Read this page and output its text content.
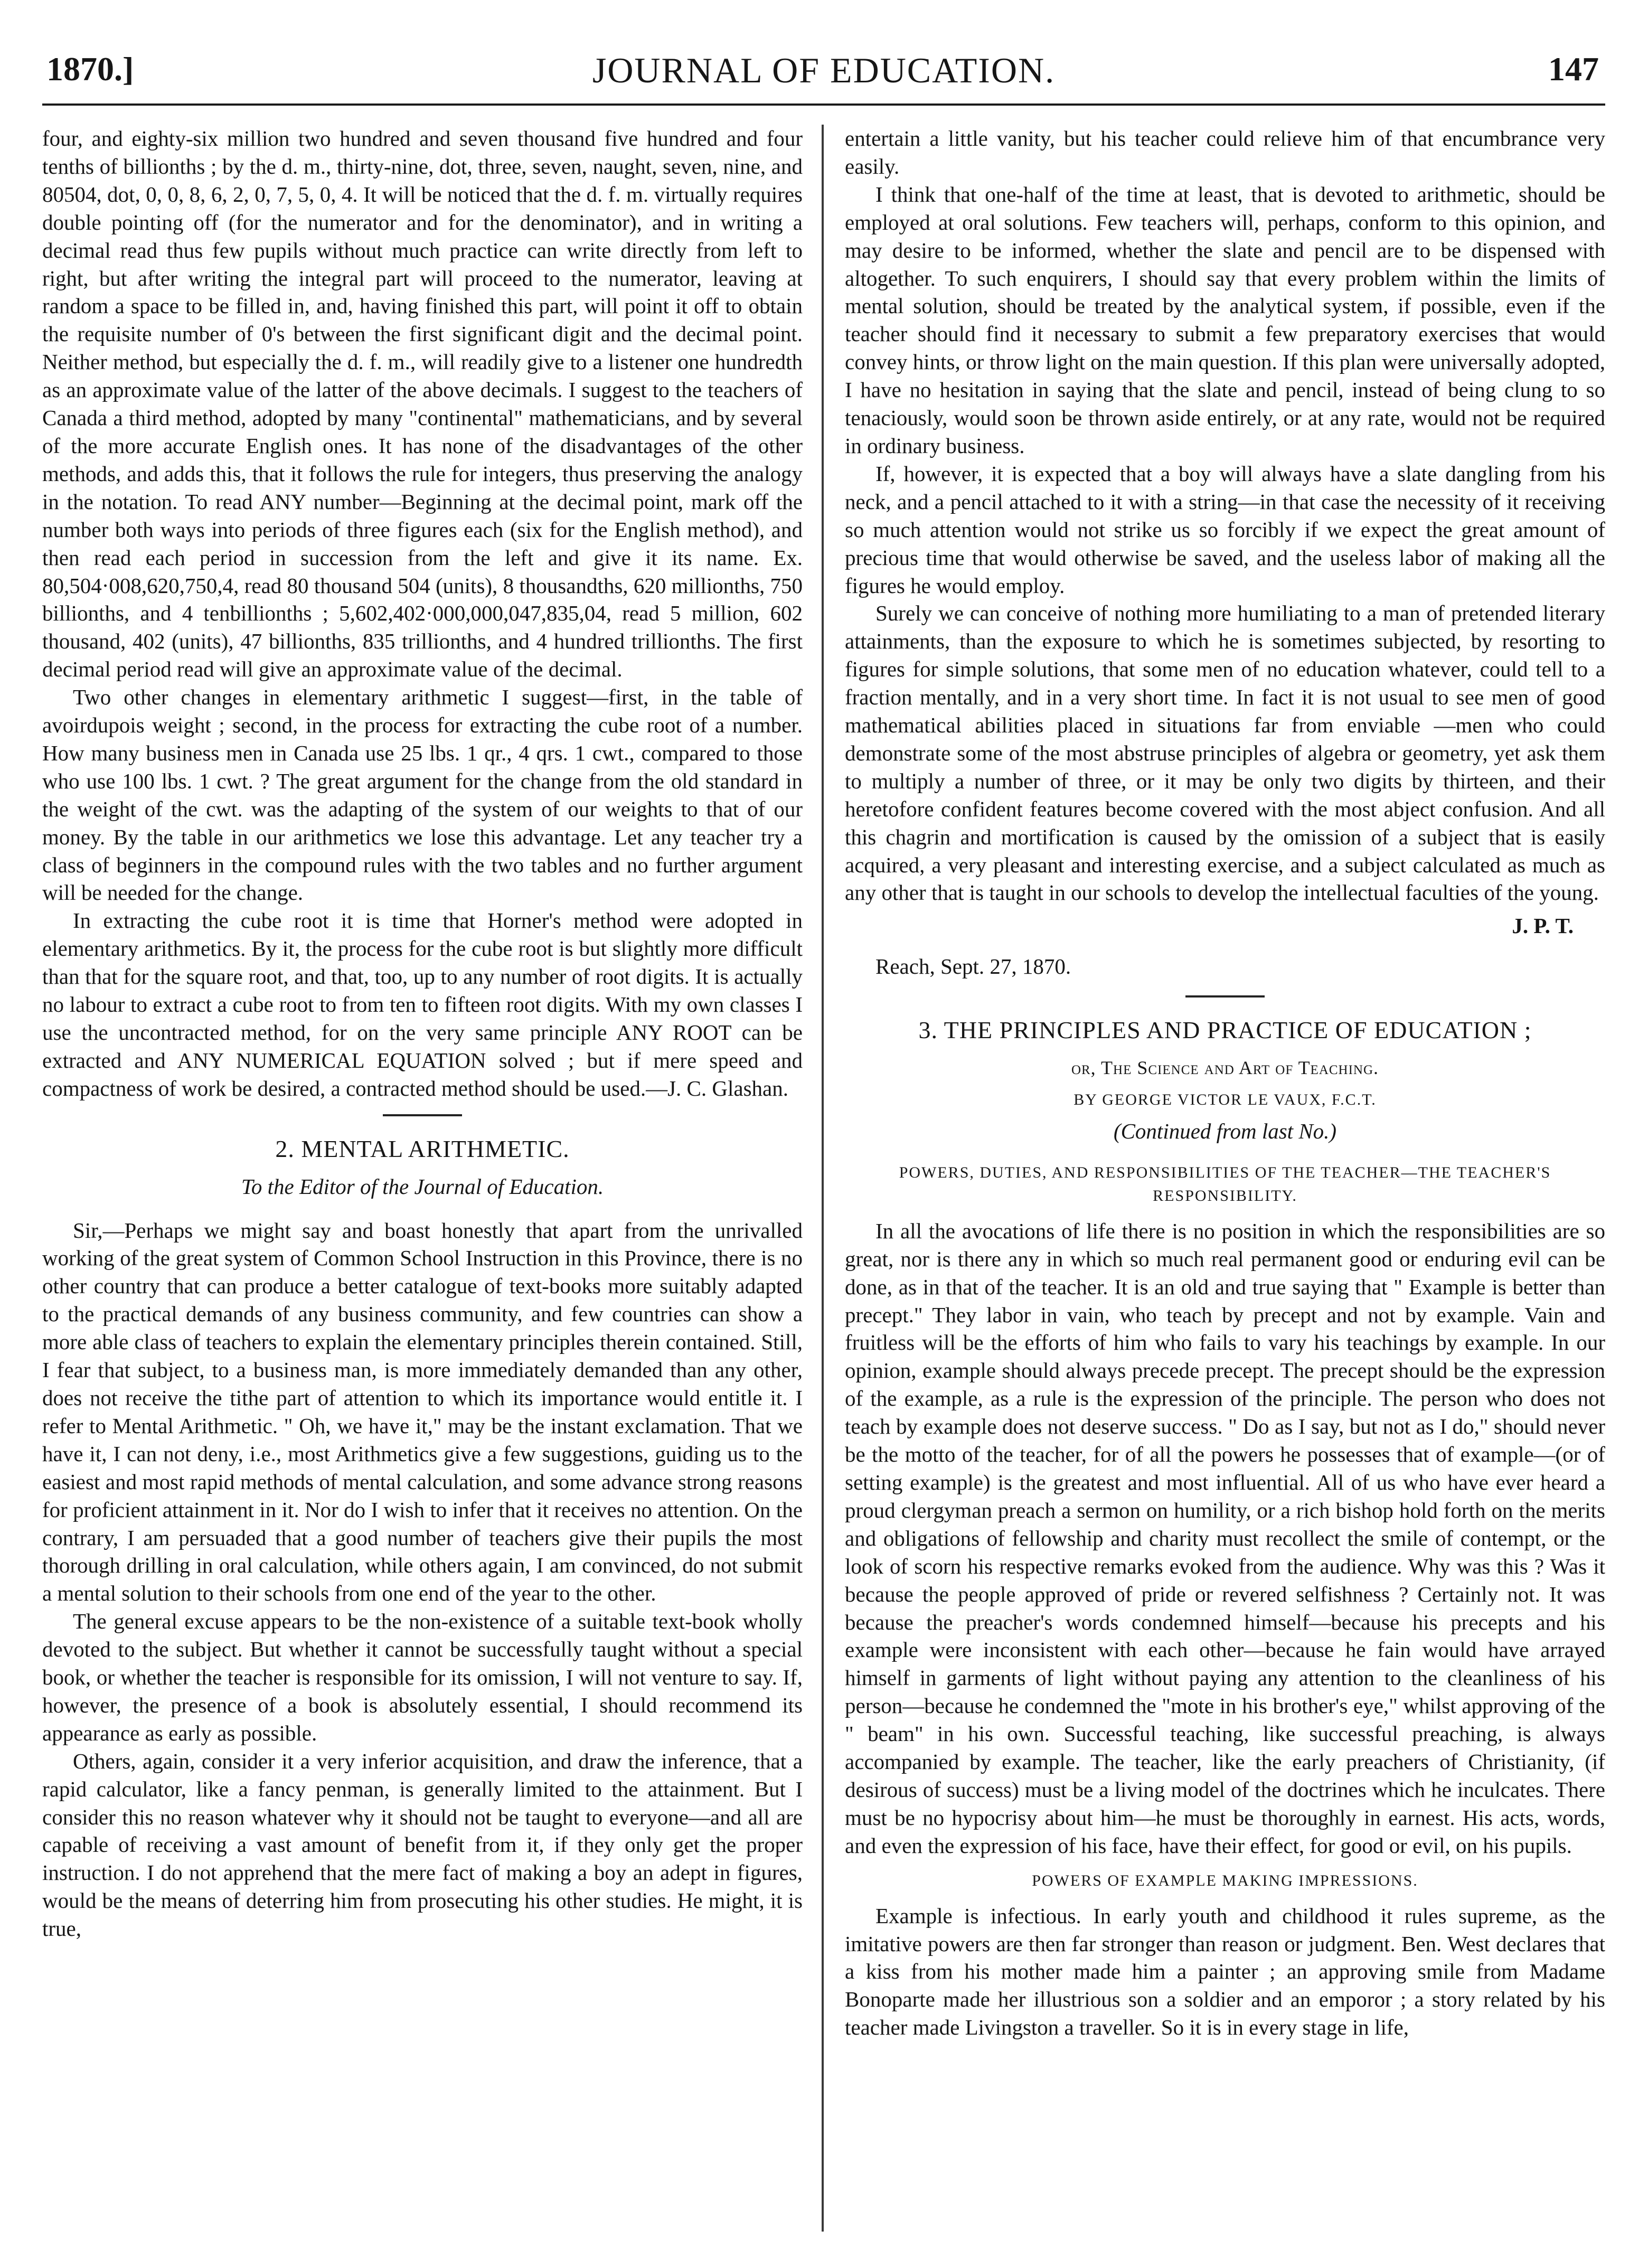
1870.]	JOURNAL OF EDUCATION.	147

four, and eighty-six million two hundred and seven thousand five hundred and four tenths of billionths ; by the d. m., thirty-nine, dot, three, seven, naught, seven, nine, and 80504, dot, 0, 0, 8, 6, 2, 0, 7, 5, 0, 4. It will be noticed that the d. f. m. virtually requires double pointing off (for the numerator and for the denominator), and in writing a decimal read thus few pupils without much practice can write directly from left to right, but after writing the integral part will proceed to the numerator, leaving at random a space to be filled in, and, having finished this part, will point it off to obtain the requisite number of 0's between the first significant digit and the decimal point. Neither method, but especially the d. f. m., will readily give to a listener one hundredth as an approximate value of the latter of the above decimals. I suggest to the teachers of Canada a third method, adopted by many "continental" mathematicians, and by several of the more accurate English ones. It has none of the disadvantages of the other methods, and adds this, that it follows the rule for integers, thus preserving the analogy in the notation. To read ANY number—Beginning at the decimal point, mark off the number both ways into periods of three figures each (six for the English method), and then read each period in succession from the left and give it its name. Ex. 80,504·008,620,750,4, read 80 thousand 504 (units), 8 thousandths, 620 millionths, 750 billionths, and 4 tenbillionths ; 5,602,402·000,000,047,835,04, read 5 million, 602 thousand, 402 (units), 47 billionths, 835 trillionths, and 4 hundred trillionths. The first decimal period read will give an approximate value of the decimal.

Two other changes in elementary arithmetic I suggest—first, in the table of avoirdupois weight ; second, in the process for extracting the cube root of a number. How many business men in Canada use 25 lbs. 1 qr., 4 qrs. 1 cwt., compared to those who use 100 lbs. 1 cwt. ? The great argument for the change from the old standard in the weight of the cwt. was the adapting of the system of our weights to that of our money. By the table in our arithmetics we lose this advantage. Let any teacher try a class of beginners in the compound rules with the two tables and no further argument will be needed for the change.

In extracting the cube root it is time that Horner's method were adopted in elementary arithmetics. By it, the process for the cube root is but slightly more difficult than that for the square root, and that, too, up to any number of root digits. It is actually no labour to extract a cube root to from ten to fifteen root digits. With my own classes I use the uncontracted method, for on the very same principle ANY ROOT can be extracted and ANY NUMERICAL EQUATION solved ; but if mere speed and compactness of work be desired, a contracted method should be used.—J. C. Glashan.

2. MENTAL ARITHMETIC.
To the Editor of the Journal of Education.

Sir,—Perhaps we might say and boast honestly that apart from the unrivalled working of the great system of Common School Instruction in this Province, there is no other country that can produce a better catalogue of text-books more suitably adapted to the practical demands of any business community, and few countries can show a more able class of teachers to explain the elementary principles therein contained. Still, I fear that subject, to a business man, is more immediately demanded than any other, does not receive the tithe part of attention to which its importance would entitle it. I refer to Mental Arithmetic. " Oh, we have it," may be the instant exclamation. That we have it, I can not deny, i.e., most Arithmetics give a few suggestions, guiding us to the easiest and most rapid methods of mental calculation, and some advance strong reasons for proficient attainment in it. Nor do I wish to infer that it receives no attention. On the contrary, I am persuaded that a good number of teachers give their pupils the most thorough drilling in oral calculation, while others again, I am convinced, do not submit a mental solution to their schools from one end of the year to the other.

The general excuse appears to be the non-existence of a suitable text-book wholly devoted to the subject. But whether it cannot be successfully taught without a special book, or whether the teacher is responsible for its omission, I will not venture to say. If, however, the presence of a book is absolutely essential, I should recommend its appearance as early as possible.

Others, again, consider it a very inferior acquisition, and draw the inference, that a rapid calculator, like a fancy penman, is generally limited to the attainment. But I consider this no reason whatever why it should not be taught to everyone—and all are capable of receiving a vast amount of benefit from it, if they only get the proper instruction. I do not apprehend that the mere fact of making a boy an adept in figures, would be the means of deterring him from prosecuting his other studies. He might, it is true,

entertain a little vanity, but his teacher could relieve him of that encumbrance very easily.

I think that one-half of the time at least, that is devoted to arithmetic, should be employed at oral solutions. Few teachers will, perhaps, conform to this opinion, and may desire to be informed, whether the slate and pencil are to be dispensed with altogether. To such enquirers, I should say that every problem within the limits of mental solution, should be treated by the analytical system, if possible, even if the teacher should find it necessary to submit a few preparatory exercises that would convey hints, or throw light on the main question. If this plan were universally adopted, I have no hesitation in saying that the slate and pencil, instead of being clung to so tenaciously, would soon be thrown aside entirely, or at any rate, would not be required in ordinary business.

If, however, it is expected that a boy will always have a slate dangling from his neck, and a pencil attached to it with a string—in that case the necessity of it receiving so much attention would not strike us so forcibly if we expect the great amount of precious time that would otherwise be saved, and the useless labor of making all the figures he would employ.

Surely we can conceive of nothing more humiliating to a man of pretended literary attainments, than the exposure to which he is sometimes subjected, by resorting to figures for simple solutions, that some men of no education whatever, could tell to a fraction mentally, and in a very short time. In fact it is not usual to see men of good mathematical abilities placed in situations far from enviable —men who could demonstrate some of the most abstruse principles of algebra or geometry, yet ask them to multiply a number of three, or it may be only two digits by thirteen, and their heretofore confident features become covered with the most abject confusion. And all this chagrin and mortification is caused by the omission of a subject that is easily acquired, a very pleasant and interesting exercise, and a subject calculated as much as any other that is taught in our schools to develop the intellectual faculties of the young.

J. P. T.
Reach, Sept. 27, 1870.
3. THE PRINCIPLES AND PRACTICE OF EDUCATION ;
or, The Science and Art of Teaching.
BY GEORGE VICTOR LE VAUX, F.C.T.
(Continued from last No.)
POWERS, DUTIES, AND RESPONSIBILITIES OF THE TEACHER—THE TEACHER'S RESPONSIBILITY.

In all the avocations of life there is no position in which the responsibilities are so great, nor is there any in which so much real permanent good or enduring evil can be done, as in that of the teacher. It is an old and true saying that " Example is better than precept." They labor in vain, who teach by precept and not by example. Vain and fruitless will be the efforts of him who fails to vary his teachings by example. In our opinion, example should always precede precept. The precept should be the expression of the example, as a rule is the expression of the principle. The person who does not teach by example does not deserve success. " Do as I say, but not as I do," should never be the motto of the teacher, for of all the powers he possesses that of example—(or of setting example) is the greatest and most influential. All of us who have ever heard a proud clergyman preach a sermon on humility, or a rich bishop hold forth on the merits and obligations of fellowship and charity must recollect the smile of contempt, or the look of scorn his respective remarks evoked from the audience. Why was this ? Was it because the people approved of pride or revered selfishness ? Certainly not. It was because the preacher's words condemned himself—because his precepts and his example were inconsistent with each other—because he fain would have arrayed himself in garments of light without paying any attention to the cleanliness of his person—because he condemned the "mote in his brother's eye," whilst approving of the " beam" in his own. Successful teaching, like successful preaching, is always accompanied by example. The teacher, like the early preachers of Christianity, (if desirous of success) must be a living model of the doctrines which he inculcates. There must be no hypocrisy about him—he must be thoroughly in earnest. His acts, words, and even the expression of his face, have their effect, for good or evil, on his pupils.

POWERS OF EXAMPLE MAKING IMPRESSIONS.

Example is infectious. In early youth and childhood it rules supreme, as the imitative powers are then far stronger than reason or judgment. Ben. West declares that a kiss from his mother made him a painter ; an approving smile from Madame Bonoparte made her illustrious son a soldier and an emporor ; a story related by his teacher made Livingston a traveller. So it is in every stage in life,
